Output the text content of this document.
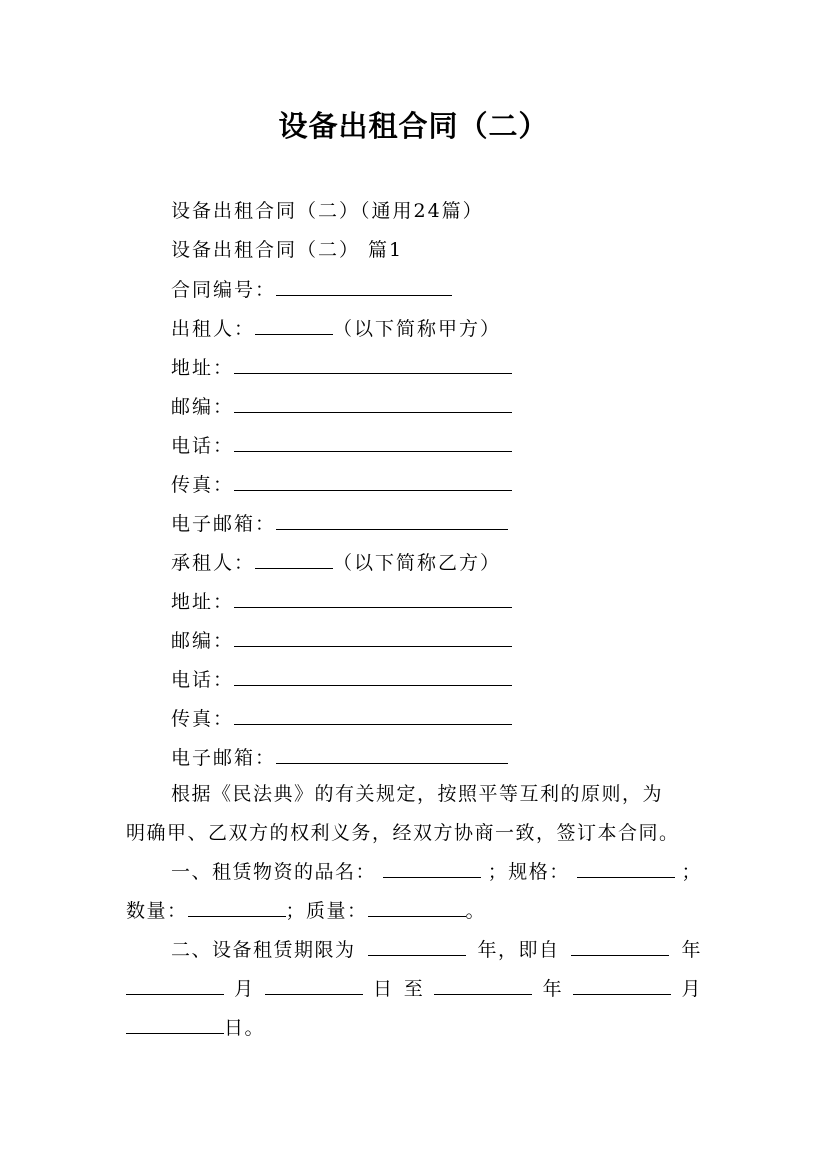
设备出租合同（二）
设备出租合同（二）（通用24篇）
设备出租合同（二） 篇1
合同编号：
出租人：	（以下简称甲方）
地址：
邮编：
电话：
传真：
电子邮箱：
承租人：	（以下简称乙方）
地址：
邮编：
电话：
传真：
电子邮箱：
根据《民法典》的有关规定，按照平等互利的原则，为
明确甲、乙双方的权利义务，经双方协商一致，签订本合同。
一、租赁物资的品名：	；规格：	；
数量：	；质量：	。
二、设备租赁期限为	年，即自	年
月	日 至	年	月
日。
